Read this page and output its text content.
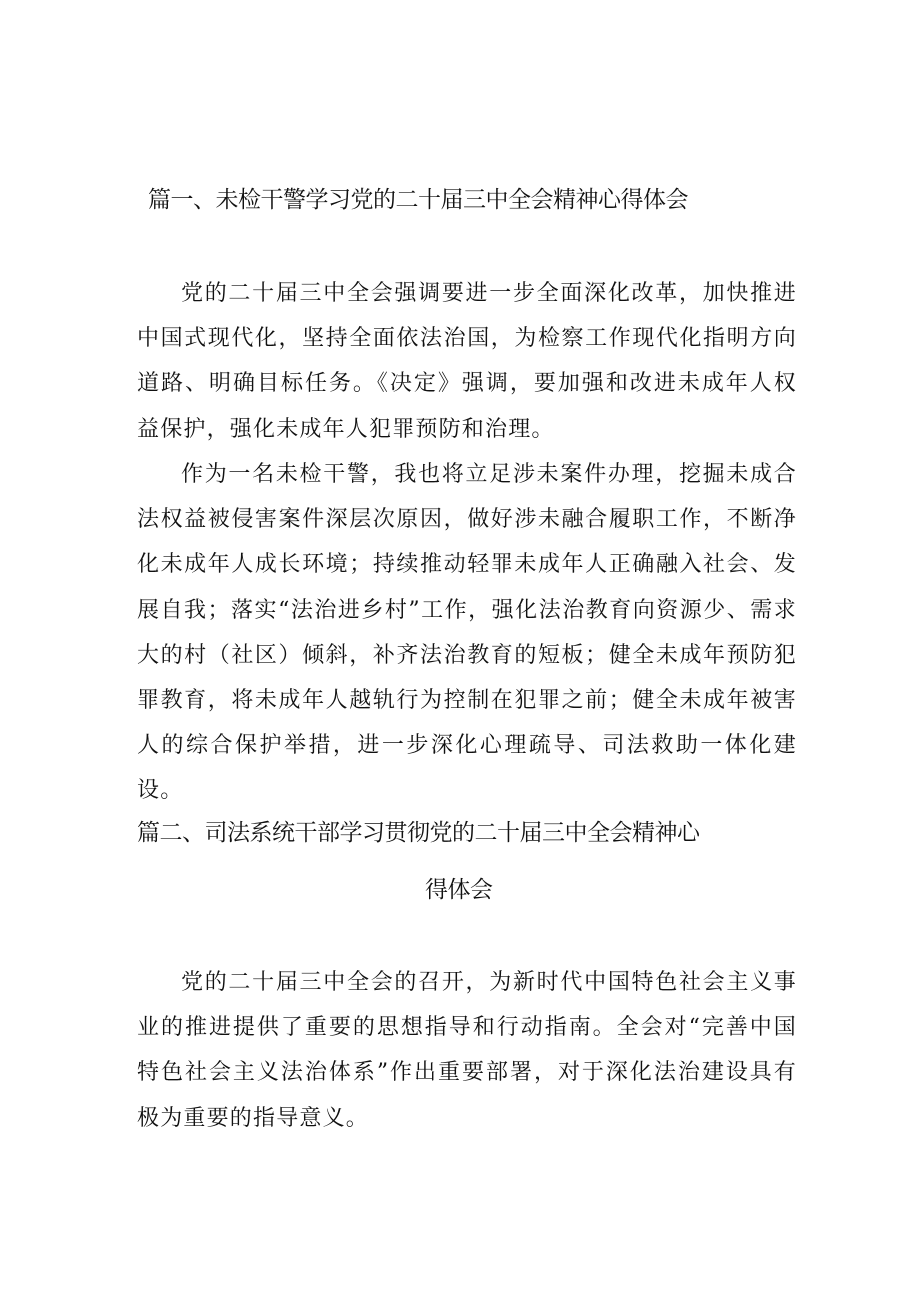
篇一、未检干警学习党的二十届三中全会精神心得体会

党的二十届三中全会强调要进一步全面深化改革，加快推进中国式现代化，坚持全面依法治国，为检察工作现代化指明方向道路、明确目标任务。《决定》强调，要加强和改进未成年人权益保护，强化未成年人犯罪预防和治理。

作为一名未检干警，我也将立足涉未案件办理，挖掘未成合法权益被侵害案件深层次原因，做好涉未融合履职工作，不断净化未成年人成长环境；持续推动轻罪未成年人正确融入社会、发展自我；落实“法治进乡村”工作，强化法治教育向资源少、需求大的村（社区）倾斜，补齐法治教育的短板；健全未成年预防犯罪教育，将未成年人越轨行为控制在犯罪之前；健全未成年被害人的综合保护举措，进一步深化心理疏导、司法救助一体化建设。

篇二、司法系统干部学习贯彻党的二十届三中全会精神心
得体会

党的二十届三中全会的召开，为新时代中国特色社会主义事业的推进提供了重要的思想指导和行动指南。全会对“完善中国特色社会主义法治体系”作出重要部署，对于深化法治建设具有极为重要的指导意义。
